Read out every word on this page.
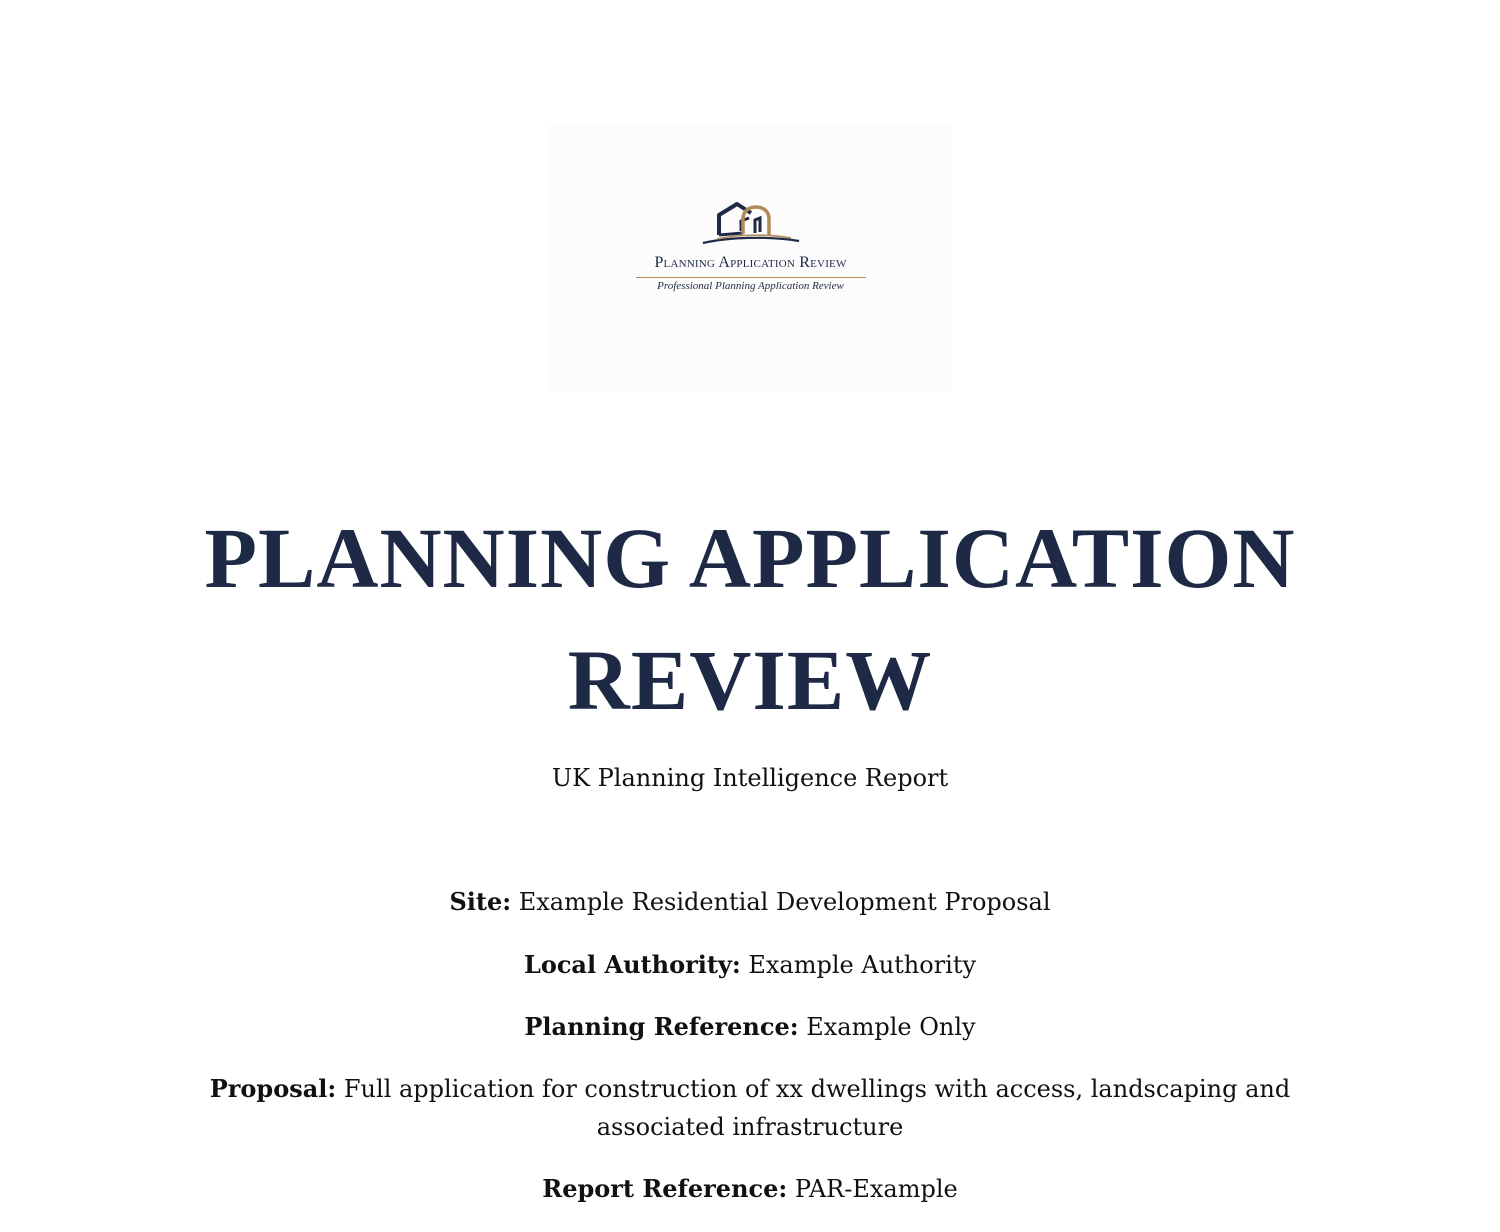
Planning Application Review
Professional Planning Application Review
PLANNING APPLICATION REVIEW
UK Planning Intelligence Report
Site: Example Residential Development Proposal
Local Authority: Example Authority
Planning Reference: Example Only
Proposal: Full application for construction of xx dwellings with access, landscaping and associated infrastructure
Report Reference: PAR-Example
